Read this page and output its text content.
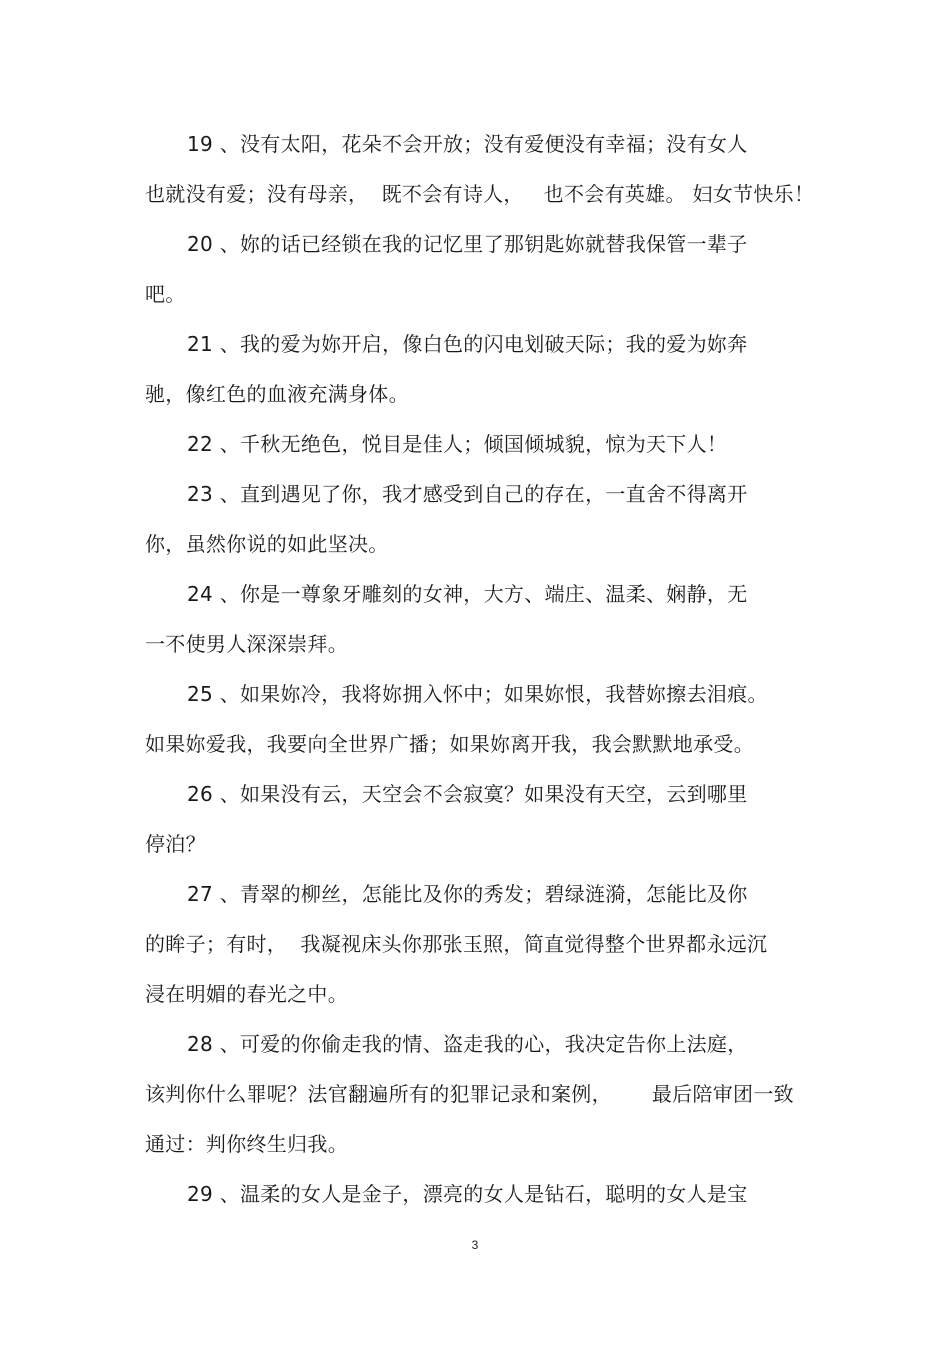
19 、没有太阳，花朵不会开放；没有爱便没有幸福；没有女人
也就没有爱；没有母亲，  既不会有诗人，   也不会有英雄。 妇女节快乐！
20 、妳的话已经锁在我的记忆里了那钥匙妳就替我保管一辈子
吧。
21 、我的爱为妳开启，像白色的闪电划破天际；我的爱为妳奔
驰，像红色的血液充满身体。
22 、千秋无绝色，悦目是佳人；倾国倾城貌，惊为天下人！
23 、直到遇见了你，我才感受到自己的存在，一直舍不得离开
你，虽然你说的如此坚决。
24 、你是一尊象牙雕刻的女神，大方、端庄、温柔、娴静，无
一不使男人深深崇拜。
25 、如果妳冷，我将妳拥入怀中；如果妳恨，我替妳擦去泪痕。
如果妳爱我，我要向全世界广播；如果妳离开我，我会默默地承受。
26 、如果没有云，天空会不会寂寞？如果没有天空，云到哪里
停泊？
27 、青翠的柳丝，怎能比及你的秀发；碧绿涟漪，怎能比及你
的眸子；有时，  我凝视床头你那张玉照，简直觉得整个世界都永远沉
浸在明媚的春光之中。
28 、可爱的你偷走我的情、盗走我的心，我决定告你上法庭，
该判你什么罪呢？法官翻遍所有的犯罪记录和案例，      最后陪审团一致
通过：判你终生归我。
29 、温柔的女人是金子，漂亮的女人是钻石，聪明的女人是宝
3
